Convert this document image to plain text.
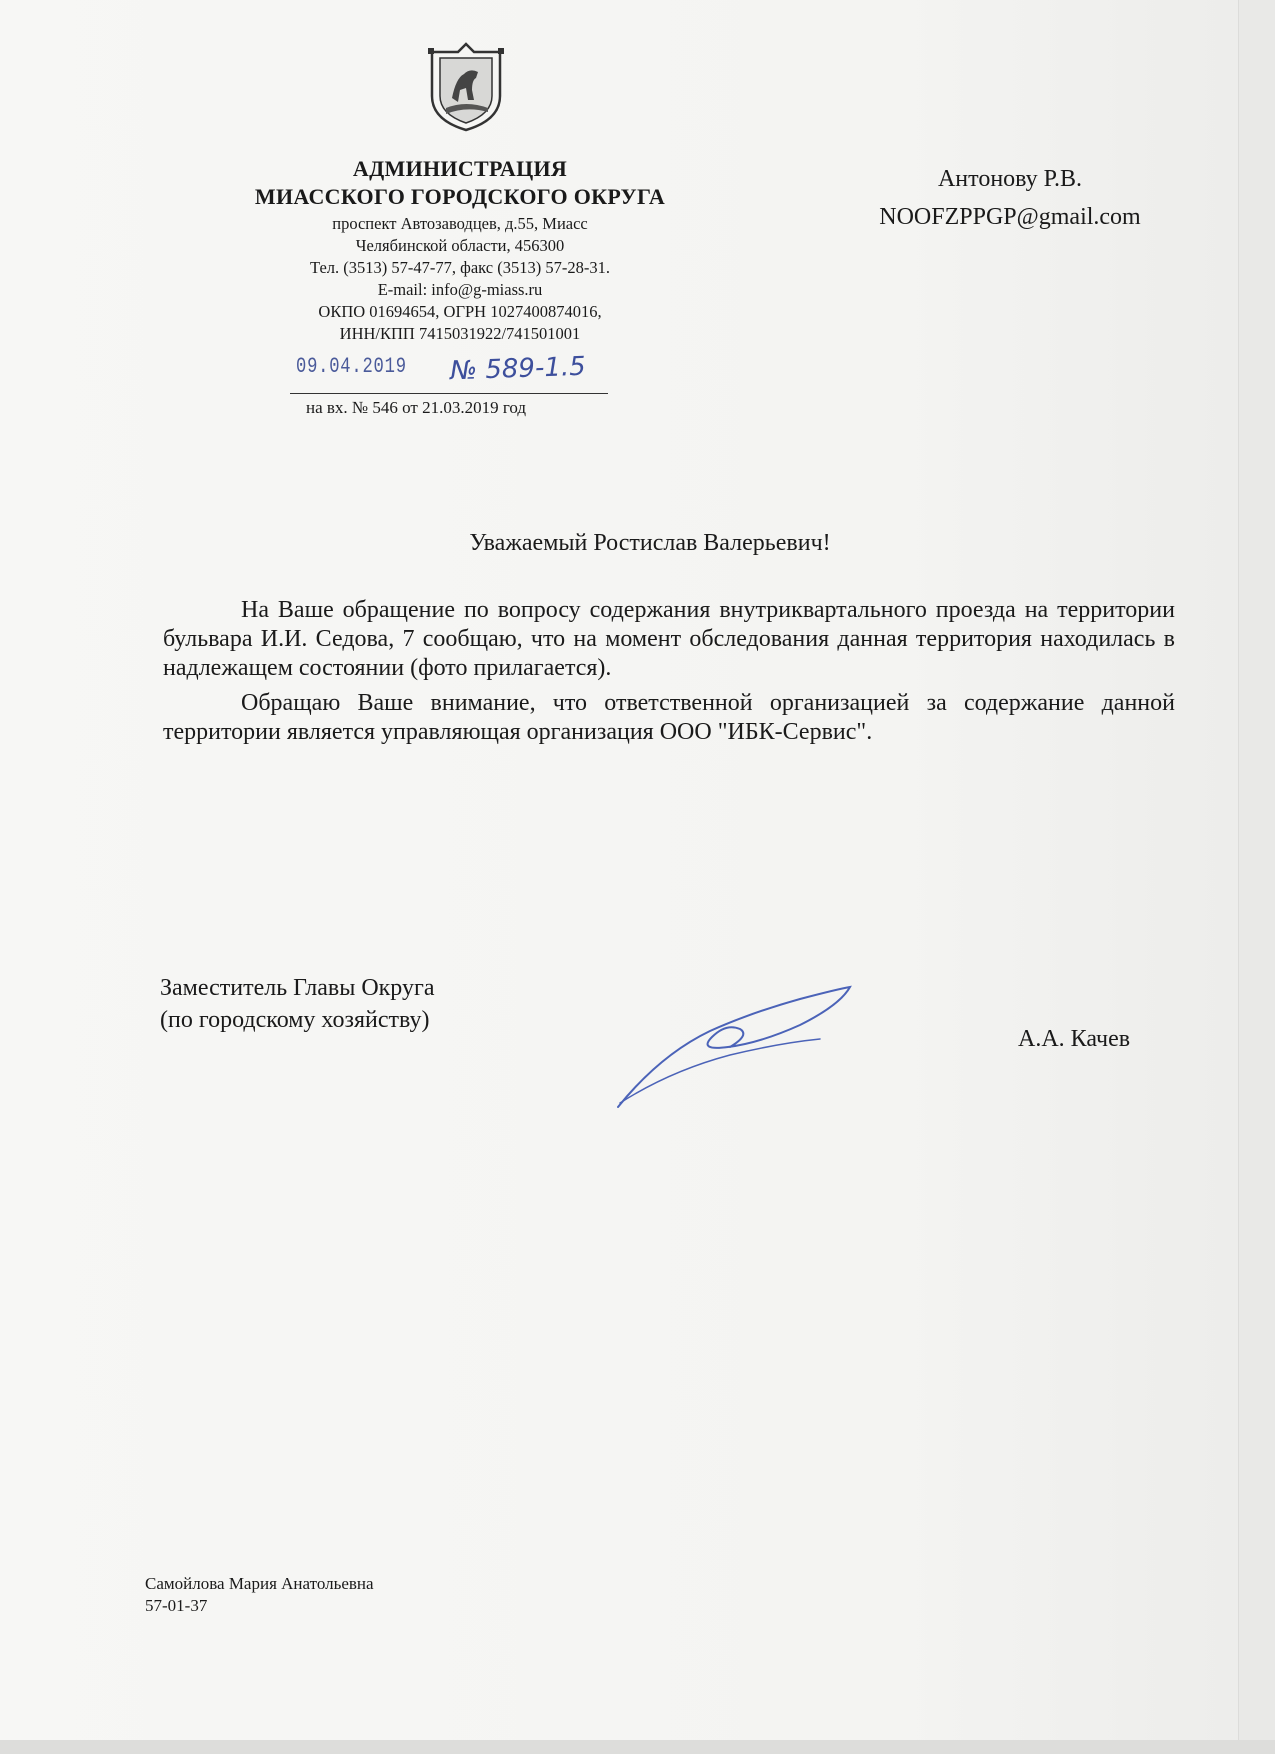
АДМИНИСТРАЦИЯ
МИАССКОГО ГОРОДСКОГО ОКРУГА
проспект Автозаводцев, д.55, Миасс
Челябинской области, 456300
Тел. (3513) 57-47-77, факс (3513) 57-28-31.
E-mail: info@g-miass.ru
ОКПО 01694654, ОГРН 1027400874016,
ИНН/КПП 7415031922/741501001
09.04.2019 № 589-1.5
на вх. № 546 от 21.03.2019 год
Антонову Р.В.
NOOFZPPGP@gmail.com
Уважаемый Ростислав Валерьевич!

На Ваше обращение по вопросу содержания внутриквартального проезда на территории бульвара И.И. Седова, 7 сообщаю, что на момент обследования данная территория находилась в надлежащем состоянии (фото прилагается).

Обращаю Ваше внимание, что ответственной организацией за содержание данной территории является управляющая организация ООО "ИБК-Сервис".

Заместитель Главы Округа
(по городскому хозяйству)
А.А. Качев
Самойлова Мария Анатольевна
57-01-37
